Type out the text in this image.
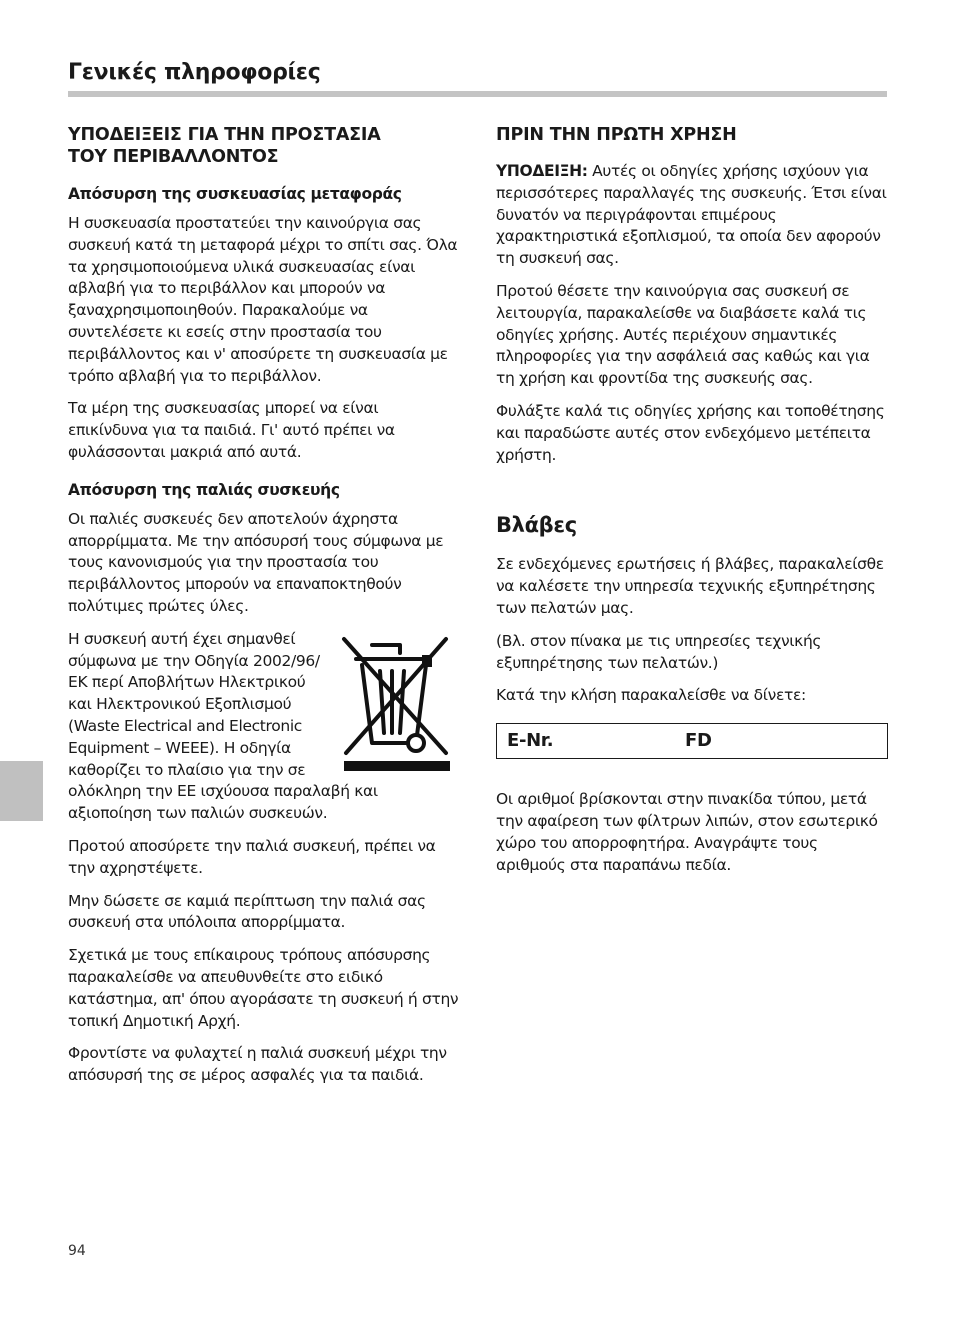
Γενικές πληροφορίες
ΥΠΟΔΕΙΞΕΙΣ ΓΙΑ ΤΗΝ ΠΡΟΣΤΑΣΙΑ
ΤΟΥ ΠΕΡΙΒΑΛΛΟΝΤΟΣ
Απόσυρση της συσκευασίας μεταφοράς

Η συσκευασία προστατεύει την καινούργια σας συσκευή κατά τη μεταφορά μέχρι το σπίτι σας. Όλα τα χρησιμοποιούμενα υλικά συσκευασίας είναι αβλαβή για το περιβάλλον και μπορούν να ξαναχρησιμοποιηθούν. Παρακαλούμε να συντελέσετε κι εσείς στην προστασία του περιβάλλοντος και ν' αποσύρετε τη συσκευασία με τρόπο αβλαβή για το περιβάλλον.

Τα μέρη της συσκευασίας μπορεί να είναι επικίνδυνα για τα παιδιά. Γι' αυτό πρέπει να φυλάσσονται μακριά από αυτά.

Απόσυρση της παλιάς συσκευής

Οι παλιές συσκευές δεν αποτελούν άχρηστα απορρίμματα. Με την απόσυρσή τους σύμφωνα με τους κανονισμούς για την προστασία του περιβάλλοντος μπορούν να επαναποκτηθούν πολύτιμες πρώτες ύλες.

Η συσκευή αυτή έχει σημανθεί σύμφωνα με την Οδηγία 2002/96/ΕΚ περί Αποβλήτων Ηλεκτρικού και Ηλεκτρονικού Εξοπλισμού (Waste Electrical and Electronic Equipment – WEEE). Η οδηγία καθορίζει το πλαίσιο για την σε ολόκληρη την ΕΕ ισχύουσα παραλαβή και αξιοποίηση των παλιών συσκευών.

Προτού αποσύρετε την παλιά συσκευή, πρέπει να την αχρηστέψετε.

Μην δώσετε σε καμιά περίπτωση την παλιά σας συσκευή στα υπόλοιπα απορρίμματα.

Σχετικά με τους επίκαιρους τρόπους απόσυρσης παρακαλείσθε να απευθυνθείτε στο ειδικό κατάστημα, απ' όπου αγοράσατε τη συσκευή ή στην τοπική Δημοτική Αρχή.

Φροντίστε να φυλαχτεί η παλιά συσκευή μέχρι την απόσυρσή της σε μέρος ασφαλές για τα παιδιά.

ΠΡΙΝ ΤΗΝ ΠΡΩΤΗ ΧΡΗΣΗ

ΥΠΟΔΕΙΞΗ: Αυτές οι οδηγίες χρήσης ισχύουν για περισσότερες παραλλαγές της συσκευής. Έτσι είναι δυνατόν να περιγράφονται επιμέρους χαρακτηριστικά εξοπλισμού, τα οποία δεν αφορούν τη συσκευή σας.

Προτού θέσετε την καινούργια σας συσκευή σε λειτουργία, παρακαλείσθε να διαβάσετε καλά τις οδηγίες χρήσης. Αυτές περιέχουν σημαντικές πληροφορίες για την ασφάλειά σας καθώς και για τη χρήση και φροντίδα της συσκευής σας.

Φυλάξτε καλά τις οδηγίες χρήσης και τοποθέτησης και παραδώστε αυτές στον ενδεχόμενο μετέπειτα χρήστη.

Βλάβες

Σε ενδεχόμενες ερωτήσεις ή βλάβες, παρακαλείσθε να καλέσετε την υπηρεσία τεχνικής εξυπηρέτησης των πελατών μας.

(Βλ. στον πίνακα με τις υπηρεσίες τεχνικής εξυπηρέτησης των πελατών.)

Κατά την κλήση παρακαλείσθε να δίνετε:

E-Nr.	FD

Οι αριθμοί βρίσκονται στην πινακίδα τύπου, μετά την αφαίρεση των φίλτρων λιπών, στον εσωτερικό χώρο του απορροφητήρα. Αναγράψτε τους αριθμούς στα παραπάνω πεδία.

94
